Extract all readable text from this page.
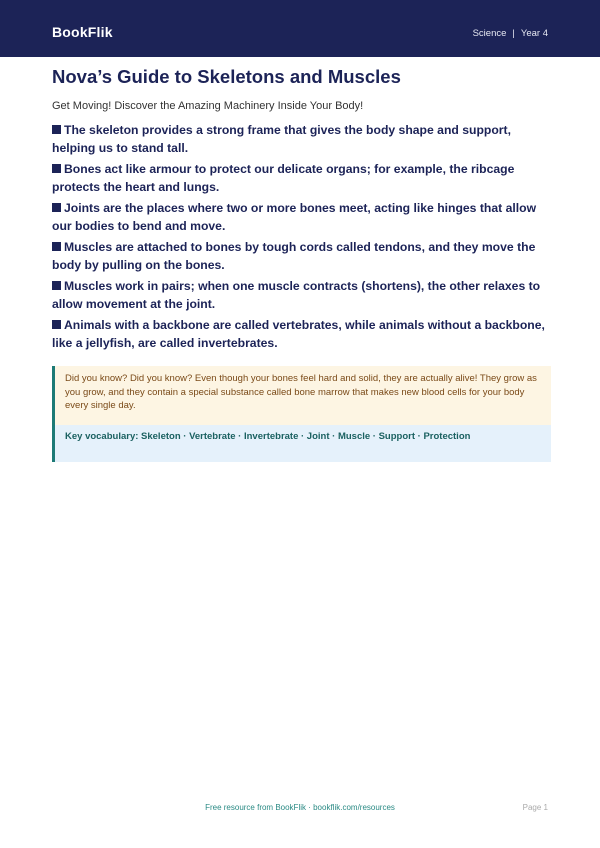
BookFlik	Science | Year 4
Nova’s Guide to Skeletons and Muscles
Get Moving! Discover the Amazing Machinery Inside Your Body!
The skeleton provides a strong frame that gives the body shape and support, helping us to stand tall.
Bones act like armour to protect our delicate organs; for example, the ribcage protects the heart and lungs.
Joints are the places where two or more bones meet, acting like hinges that allow our bodies to bend and move.
Muscles are attached to bones by tough cords called tendons, and they move the body by pulling on the bones.
Muscles work in pairs; when one muscle contracts (shortens), the other relaxes to allow movement at the joint.
Animals with a backbone are called vertebrates, while animals without a backbone, like a jellyfish, are called invertebrates.
Did you know? Did you know? Even though your bones feel hard and solid, they are actually alive! They grow as you grow, and they contain a special substance called bone marrow that makes new blood cells for your body every single day.
Key vocabulary: Skeleton · Vertebrate · Invertebrate · Joint · Muscle · Support · Protection
Free resource from BookFlik · bookflik.com/resources	Page 1
